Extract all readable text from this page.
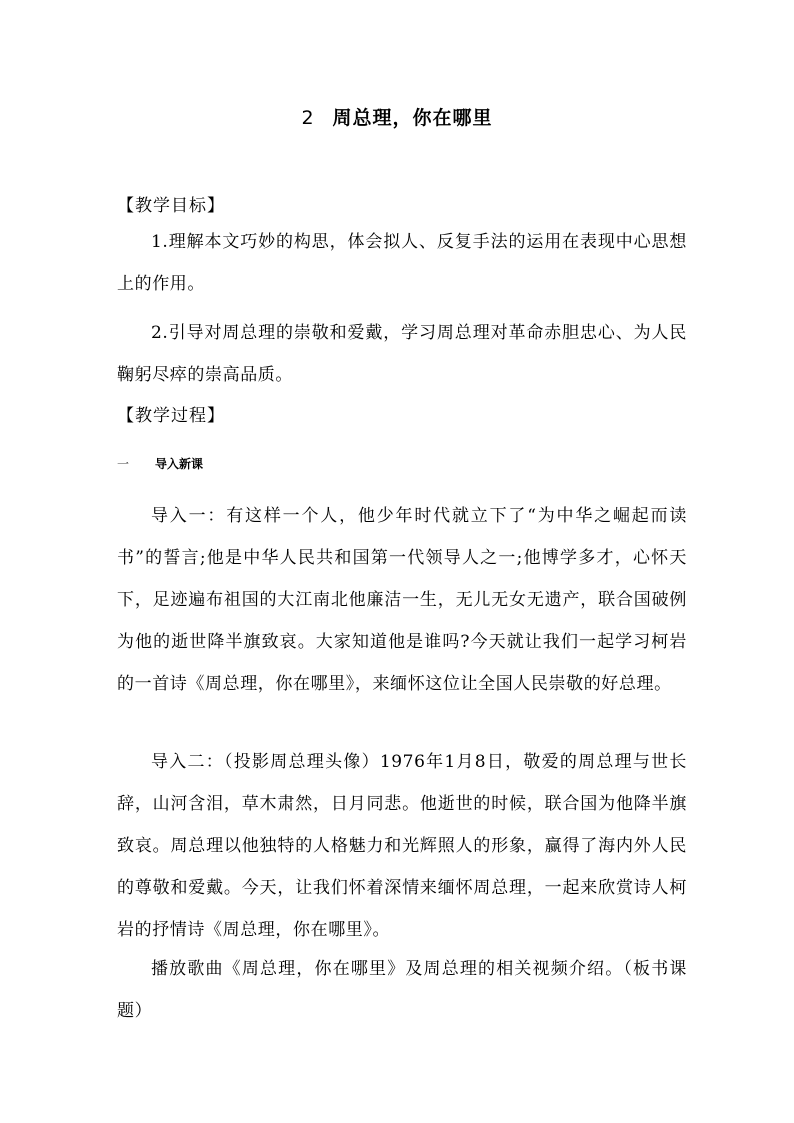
2 周总理，你在哪里
【教学目标】

1.理解本文巧妙的构思，体会拟人、反复手法的运用在表现中心思想上的作用。

2.引导对周总理的崇敬和爱戴，学习周总理对革命赤胆忠心、为人民鞠躬尽瘁的崇高品质。

【教学过程】
一 导入新课

导入一：有这样一个人，他少年时代就立下了“为中华之崛起而读书”的誓言;他是中华人民共和国第一代领导人之一;他博学多才，心怀天下，足迹遍布祖国的大江南北他廉洁一生，无儿无女无遗产，联合国破例为他的逝世降半旗致哀。大家知道他是谁吗?今天就让我们一起学习柯岩的一首诗《周总理，你在哪里》，来缅怀这位让全国人民崇敬的好总理。

导入二：（投影周总理头像）1976年1月8日，敬爱的周总理与世长辞，山河含泪，草木肃然，日月同悲。他逝世的时候，联合国为他降半旗致哀。周总理以他独特的人格魅力和光辉照人的形象，赢得了海内外人民的尊敬和爱戴。今天，让我们怀着深情来缅怀周总理，一起来欣赏诗人柯岩的抒情诗《周总理，你在哪里》。

播放歌曲《周总理，你在哪里》及周总理的相关视频介绍。（板书课题）
